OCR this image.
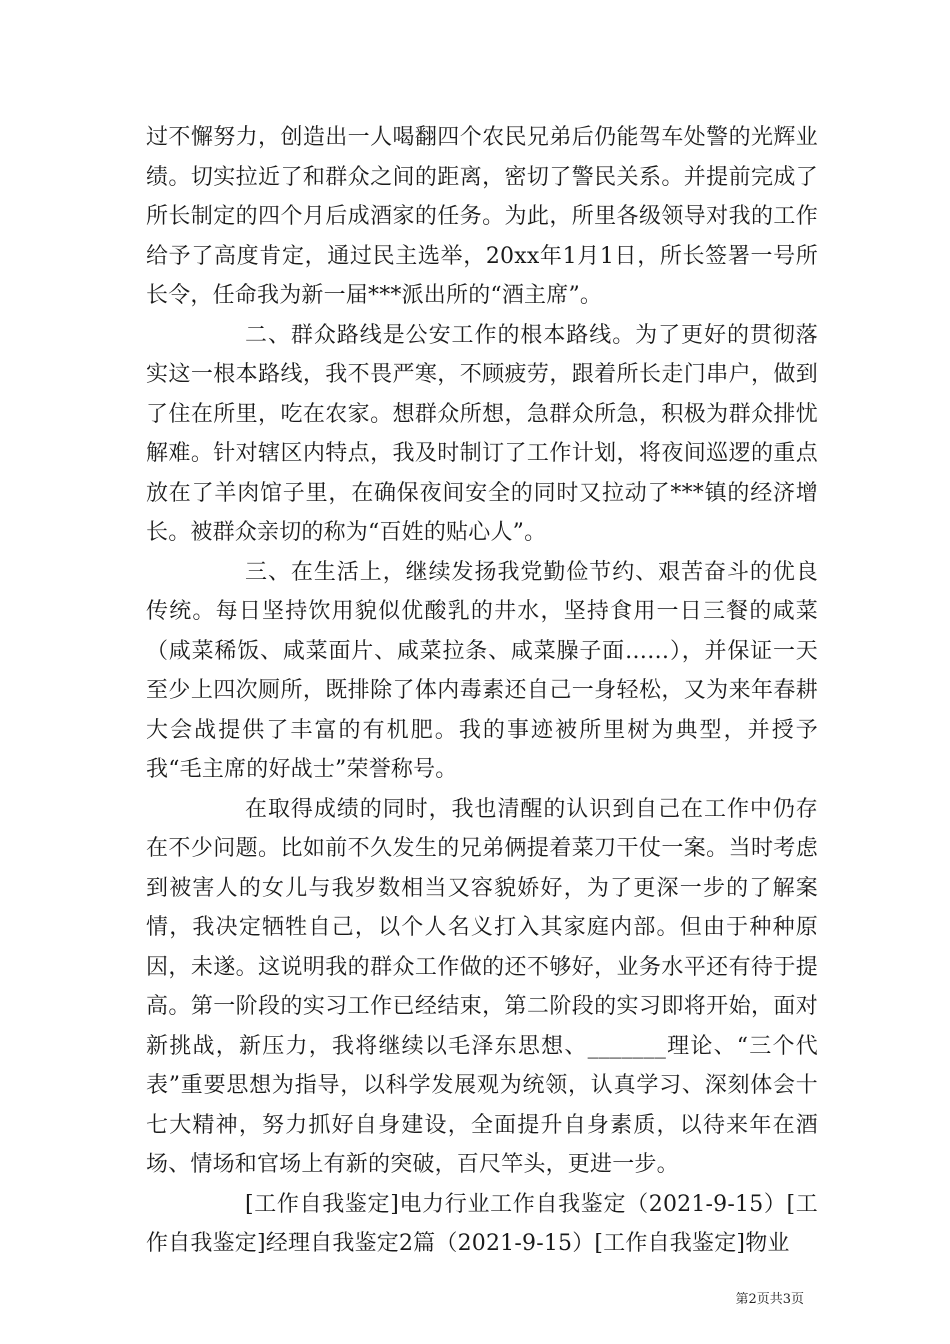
过不懈努力，创造出一人喝翻四个农民兄弟后仍能驾车处警的光辉业绩。切实拉近了和群众之间的距离，密切了警民关系。并提前完成了所长制定的四个月后成酒家的任务。为此，所里各级领导对我的工作给予了高度肯定，通过民主选举，20xx年1月1日，所长签署一号所长令，任命我为新一届***派出所的“酒主席”。

二、群众路线是公安工作的根本路线。为了更好的贯彻落实这一根本路线，我不畏严寒，不顾疲劳，跟着所长走门串户，做到了住在所里，吃在农家。想群众所想，急群众所急，积极为群众排忧解难。针对辖区内特点，我及时制订了工作计划，将夜间巡逻的重点放在了羊肉馆子里，在确保夜间安全的同时又拉动了***镇的经济增长。被群众亲切的称为“百姓的贴心人”。

三、在生活上，继续发扬我党勤俭节约、艰苦奋斗的优良传统。每日坚持饮用貌似优酸乳的井水，坚持食用一日三餐的咸菜（咸菜稀饭、咸菜面片、咸菜拉条、咸菜臊子面……），并保证一天至少上四次厕所，既排除了体内毒素还自己一身轻松，又为来年春耕大会战提供了丰富的有机肥。我的事迹被所里树为典型，并授予我“毛主席的好战士”荣誉称号。

在取得成绩的同时，我也清醒的认识到自己在工作中仍存在不少问题。比如前不久发生的兄弟俩提着菜刀干仗一案。当时考虑到被害人的女儿与我岁数相当又容貌娇好，为了更深一步的了解案情，我决定牺牲自己，以个人名义打入其家庭内部。但由于种种原因，未遂。这说明我的群众工作做的还不够好，业务水平还有待于提高。第一阶段的实习工作已经结束，第二阶段的实习即将开始，面对新挑战，新压力，我将继续以毛泽东思想、_______理论、“三个代表”重要思想为指导，以科学发展观为统领，认真学习、深刻体会十七大精神，努力抓好自身建设，全面提升自身素质，以待来年在酒场、情场和官场上有新的突破，百尺竿头，更进一步。

[工作自我鉴定]电力行业工作自我鉴定（2021-9-15）[工作自我鉴定]经理自我鉴定2篇（2021-9-15）[工作自我鉴定]物业

第2页共3页
